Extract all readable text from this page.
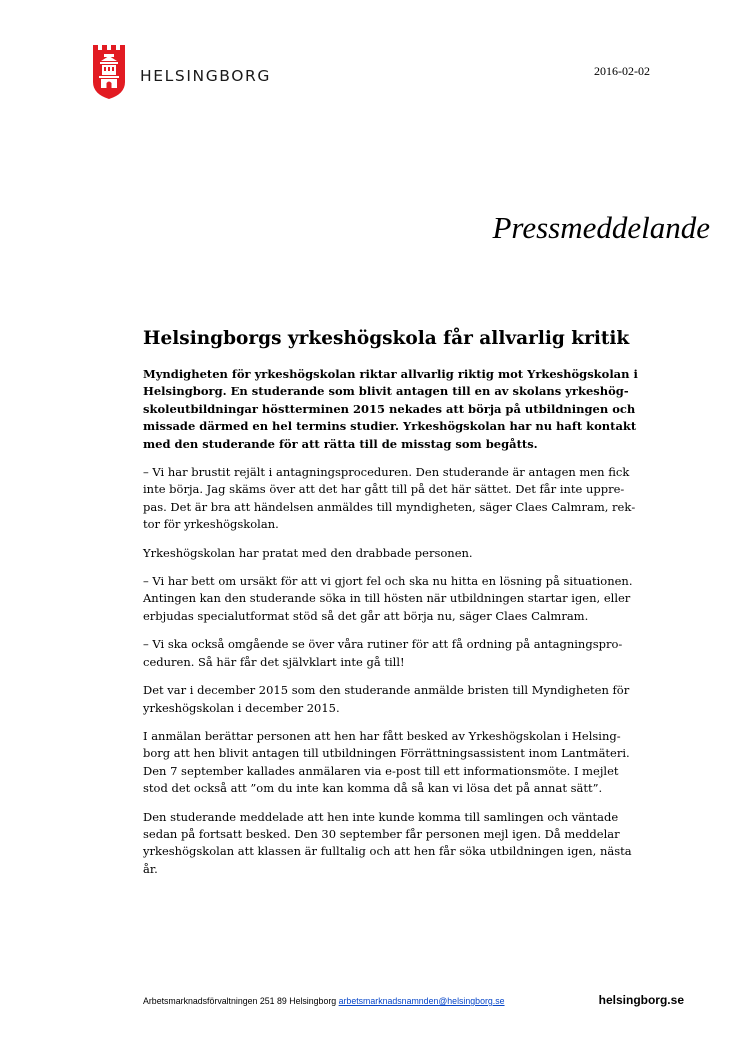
HELSINGBORG	2016-02-02
Pressmeddelande
Helsingborgs yrkeshögskola får allvarlig kritik

Myndigheten för yrkeshögskolan riktar allvarlig riktig mot Yrkeshögskolan i Helsingborg. En studerande som blivit antagen till en av skolans yrkeshögskoleutbildningar höstterminen 2015 nekades att börja på utbildningen och missade därmed en hel termins studier. Yrkeshögskolan har nu haft kontakt med den studerande för att rätta till de misstag som begåtts.

– Vi har brustit rejält i antagningsproceduren. Den studerande är antagen men fick inte börja. Jag skäms över att det har gått till på det här sättet. Det får inte upprepas. Det är bra att händelsen anmäldes till myndigheten, säger Claes Calmram, rektor för yrkeshögskolan.

Yrkeshögskolan har pratat med den drabbade personen.

– Vi har bett om ursäkt för att vi gjort fel och ska nu hitta en lösning på situationen. Antingen kan den studerande söka in till hösten när utbildningen startar igen, eller erbjudas specialutformat stöd så det går att börja nu, säger Claes Calmram.

– Vi ska också omgående se över våra rutiner för att få ordning på antagningsproceduren. Så här får det självklart inte gå till!

Det var i december 2015 som den studerande anmälde bristen till Myndigheten för yrkeshögskolan i december 2015.

I anmälan berättar personen att hen har fått besked av Yrkeshögskolan i Helsingborg att hen blivit antagen till utbildningen Förrättningsassistent inom Lantmäteri. Den 7 september kallades anmälaren via e-post till ett informationsmöte. I mejlet stod det också att ”om du inte kan komma då så kan vi lösa det på annat sätt”.

Den studerande meddelade att hen inte kunde komma till samlingen och väntade sedan på fortsatt besked. Den 30 september får personen mejl igen. Då meddelar yrkeshögskolan att klassen är fulltalig och att hen får söka utbildningen igen, nästa år.

Arbetsmarknadsförvaltningen 251 89 Helsingborg arbetsmarknadsnamnden@helsingborg.se	helsingborg.se
